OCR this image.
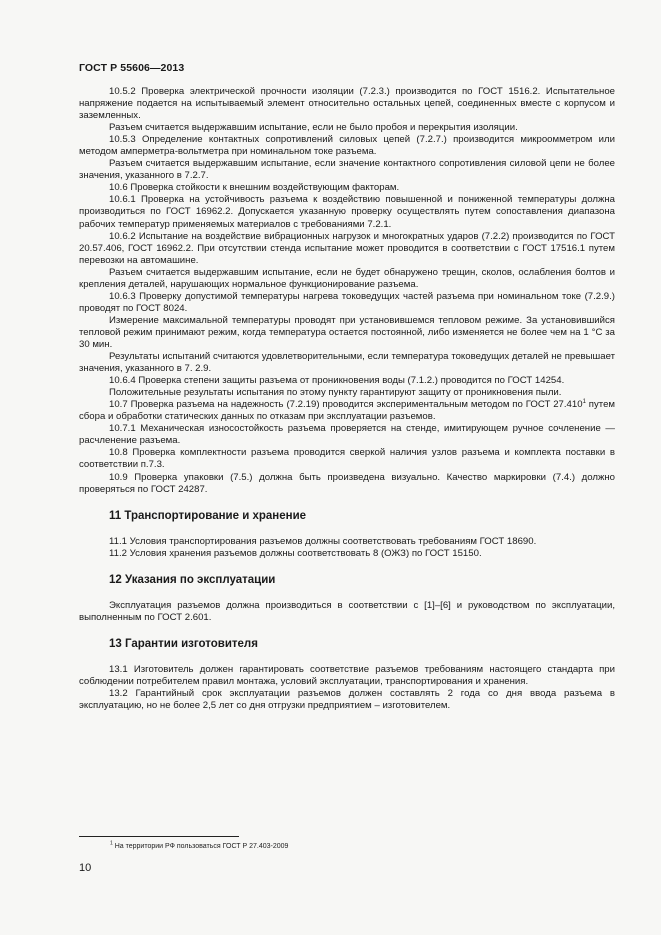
ГОСТ Р 55606—2013

10.5.2 Проверка электрической прочности изоляции (7.2.3.) производится по ГОСТ 1516.2. Испытательное напряжение подается на испытываемый элемент относительно остальных цепей, соединенных вместе с корпусом и заземленных.

Разъем считается выдержавшим испытание, если не было пробоя и перекрытия изоляции.

10.5.3 Определение контактных сопротивлений силовых цепей (7.2.7.) производится микроомметром или методом амперметра-вольтметра при номинальном токе разъема.

Разъем считается выдержавшим испытание, если значение контактного сопротивления силовой цепи не более значения, указанного в 7.2.7.

10.6 Проверка стойкости к внешним воздействующим факторам.

10.6.1 Проверка на устойчивость разъема к воздействию повышенной и пониженной температуры должна производиться по ГОСТ 16962.2. Допускается указанную проверку осуществлять путем сопоставления диапазона рабочих температур применяемых материалов с требованиями 7.2.1.

10.6.2 Испытание на воздействие вибрационных нагрузок и многократных ударов (7.2.2) производится по ГОСТ 20.57.406, ГОСТ 16962.2. При отсутствии стенда испытание может проводится в соответствии с ГОСТ 17516.1 путем перевозки на автомашине.

Разъем считается выдержавшим испытание, если не будет обнаружено трещин, сколов, ослабления болтов и крепления деталей, нарушающих нормальное функционирование разъема.

10.6.3 Проверку допустимой температуры нагрева токоведущих частей разъема при номинальном токе (7.2.9.) проводят по ГОСТ 8024.

Измерение максимальной температуры проводят при установившемся тепловом режиме. За установившийся тепловой режим принимают режим, когда температура остается постоянной, либо изменяется не более чем на 1 °С за 30 мин.

Результаты испытаний считаются удовлетворительными, если температура токоведущих деталей не превышает значения, указанного в 7. 2.9.

10.6.4 Проверка степени защиты разъема от проникновения воды (7.1.2.) проводится по ГОСТ 14254.

Положительные результаты испытания по этому пункту гарантируют защиту от проникновения пыли.

10.7 Проверка разъема на надежность (7.2.19) проводится экспериментальным методом по ГОСТ 27.410$^1$ путем сбора и обработки статических данных по отказам при эксплуатации разъемов.

10.7.1 Механическая износостойкость разъема проверяется на стенде, имитирующем ручное сочленение — расчленение разъема.

10.8 Проверка комплектности разъема проводится сверкой наличия узлов разъема и комплекта поставки в соответствии п.7.3.

10.9 Проверка упаковки (7.5.) должна быть произведена визуально. Качество маркировки (7.4.) должно проверяться по ГОСТ 24287.

11 Транспортирование и хранение

11.1 Условия транспортирования разъемов должны соответствовать требованиям ГОСТ 18690.

11.2 Условия хранения разъемов должны соответствовать 8 (ОЖЗ) по ГОСТ 15150.

12 Указания по эксплуатации

Эксплуатация разъемов должна производиться в соответствии с [1]–[6] и руководством по эксплуатации, выполненным по ГОСТ 2.601.

13 Гарантии изготовителя

13.1 Изготовитель должен гарантировать соответствие разъемов требованиям настоящего стандарта при соблюдении потребителем правил монтажа, условий эксплуатации, транспортирования и хранения.

13.2 Гарантийный срок эксплуатации разъемов должен составлять 2 года со дня ввода разъема в эксплуатацию, но не более 2,5 лет со дня отгрузки предприятием – изготовителем.

$^1$ На территории РФ пользоваться ГОСТ Р 27.403-2009
10
